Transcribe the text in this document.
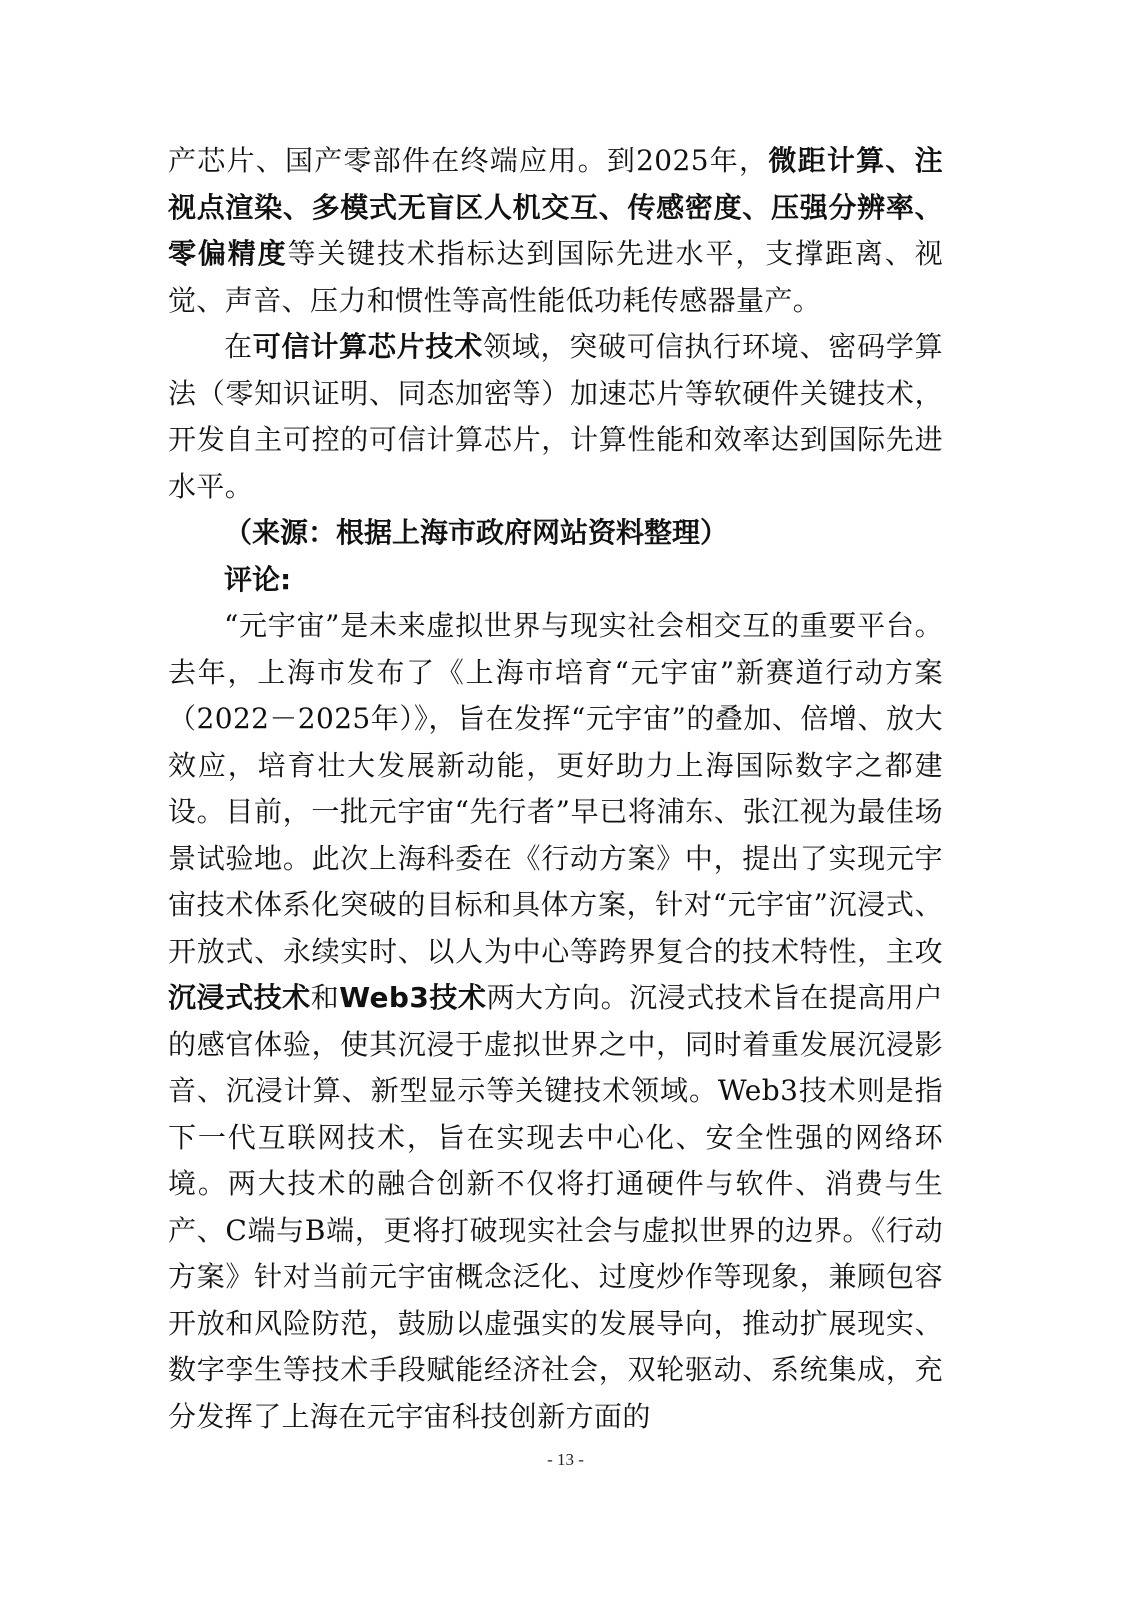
产芯片、国产零部件在终端应用。到2025年，微距计算、注视点渲染、多模式无盲区人机交互、传感密度、压强分辨率、零偏精度等关键技术指标达到国际先进水平，支撑距离、视觉、声音、压力和惯性等高性能低功耗传感器量产。

在可信计算芯片技术领域，突破可信执行环境、密码学算法（零知识证明、同态加密等）加速芯片等软硬件关键技术，开发自主可控的可信计算芯片，计算性能和效率达到国际先进水平。

（来源：根据上海市政府网站资料整理）

评论:

“元宇宙”是未来虚拟世界与现实社会相交互的重要平台。去年，上海市发布了《上海市培育“元宇宙”新赛道行动方案（2022－2025年）》，旨在发挥“元宇宙”的叠加、倍增、放大效应，培育壮大发展新动能，更好助力上海国际数字之都建设。目前，一批元宇宙“先行者”早已将浦东、张江视为最佳场景试验地。此次上海科委在《行动方案》中，提出了实现元宇宙技术体系化突破的目标和具体方案，针对“元宇宙”沉浸式、开放式、永续实时、以人为中心等跨界复合的技术特性，主攻沉浸式技术和Web3技术两大方向。沉浸式技术旨在提高用户的感官体验，使其沉浸于虚拟世界之中，同时着重发展沉浸影音、沉浸计算、新型显示等关键技术领域。Web3技术则是指下一代互联网技术，旨在实现去中心化、安全性强的网络环境。两大技术的融合创新不仅将打通硬件与软件、消费与生产、C端与B端，更将打破现实社会与虚拟世界的边界。《行动方案》针对当前元宇宙概念泛化、过度炒作等现象，兼顾包容开放和风险防范，鼓励以虚强实的发展导向，推动扩展现实、数字孪生等技术手段赋能经济社会，双轮驱动、系统集成，充分发挥了上海在元宇宙科技创新方面的

- 13 -
